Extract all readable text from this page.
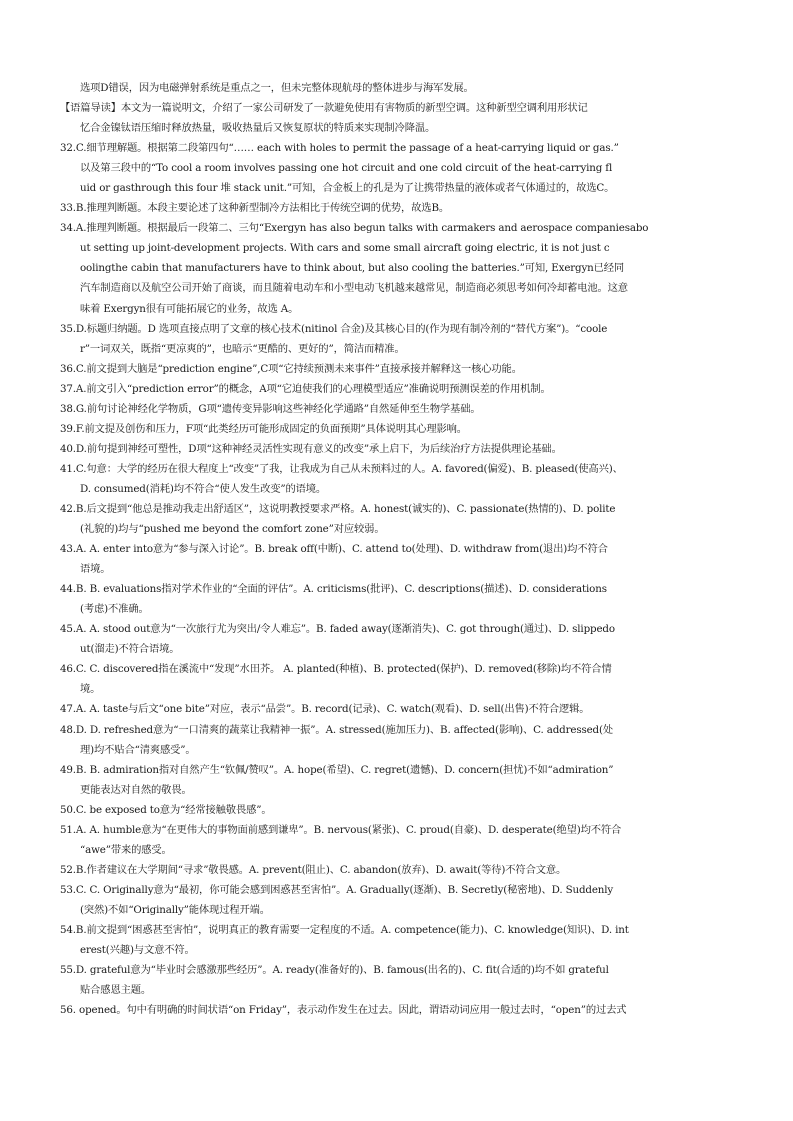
选项D错误，因为电磁弹射系统是重点之一，但未完整体现航母的整体进步与海军发展。
【语篇导读】本文为一篇说明文，介绍了一家公司研发了一款避免使用有害物质的新型空调。这种新型空调利用形状记
忆合金镍钛语压缩时释放热量，吸收热量后又恢复原状的特质来实现制冷降温。
32.C.细节理解题。根据第二段第四句“…… each with holes to permit the passage of a heat-carrying liquid or gas.”
以及第三段中的“To cool a room involves passing one hot circuit and one cold circuit of the heat-carrying fl
uid or gasthrough this four 堆 stack unit.”可知，合金板上的孔是为了让携带热量的液体或者气体通过的，故选C。
33.B.推理判断题。本段主要论述了这种新型制冷方法相比于传统空调的优势，故选B。
34.A.推理判断题。根据最后一段第二、三句“Exergyn has also begun talks with carmakers and aerospace companiesabo
ut setting up joint-development projects. With cars and some small aircraft going electric, it is not just c
oolingthe cabin that manufacturers have to think about, but also cooling the batteries.”可知, Exergyn已经同
汽车制造商以及航空公司开始了商谈，而且随着电动车和小型电动飞机越来越常见，制造商必须思考如何冷却蓄电池。这意
味着 Exergyn很有可能拓展它的业务，故选 A。
35.D.标题归纳题。D 选项直接点明了文章的核心技术(nitinol 合金)及其核心目的(作为现有制冷剂的“替代方案”)。“coole
r”一词双关，既指“更凉爽的”，也暗示“更酷的、更好的”，简洁而精准。
36.C.前文提到大脑是“prediction engine”,C项“它持续预测未来事件”直接承接并解释这一核心功能。
37.A.前文引入“prediction error”的概念，A项“它迫使我们的心理模型适应”准确说明预测误差的作用机制。
38.G.前句讨论神经化学物质，G项“遗传变异影响这些神经化学通路”自然延伸至生物学基础。
39.F.前文提及创伤和压力，F项“此类经历可能形成固定的负面预期”具体说明其心理影响。
40.D.前句提到神经可塑性，D项“这种神经灵活性实现有意义的改变”承上启下，为后续治疗方法提供理论基础。
41.C.句意：大学的经历在很大程度上“改变”了我，让我成为自己从未预料过的人。A. favored(偏爱)、B. pleased(使高兴)、
D. consumed(消耗)均不符合“使人发生改变”的语境。
42.B.后文提到“他总是推动我走出舒适区”，这说明教授要求严格。A. honest(诚实的)、C. passionate(热情的)、D. polite
(礼貌的)均与“pushed me beyond the comfort zone”对应较弱。
43.A. A. enter into意为“参与深入讨论”。B. break off(中断)、C. attend to(处理)、D. withdraw from(退出)均不符合
语境。
44.B. B. evaluations指对学术作业的“全面的评估”。A. criticisms(批评)、C. descriptions(描述)、D. considerations
(考虑)不准确。
45.A. A. stood out意为“一次旅行尤为突出/令人难忘”。B. faded away(逐渐消失)、C. got through(通过)、D. slippedo
ut(溜走)不符合语境。
46.C. C. discovered指在溪流中“发现”水田芥。 A. planted(种植)、B. protected(保护)、D. removed(移除)均不符合情
境。
47.A. A. taste与后文“one bite”对应，表示“品尝”。B. record(记录)、C. watch(观看)、D. sell(出售)不符合逻辑。
48.D. D. refreshed意为“一口清爽的蔬菜让我精神一振”。A. stressed(施加压力)、B. affected(影响)、C. addressed(处
理)均不贴合“清爽感受”。
49.B. B. admiration指对自然产生“钦佩/赞叹”。A. hope(希望)、C. regret(遗憾)、D. concern(担忧)不如“admiration”
更能表达对自然的敬畏。
50.C. be exposed to意为“经常接触敬畏感”。
51.A. A. humble意为“在更伟大的事物面前感到谦卑”。B. nervous(紧张)、C. proud(自豪)、D. desperate(绝望)均不符合
“awe”带来的感受。
52.B.作者建议在大学期间“寻求”敬畏感。A. prevent(阻止)、C. abandon(放弃)、D. await(等待)不符合文意。
53.C. C. Originally意为“最初，你可能会感到困惑甚至害怕”。A. Gradually(逐渐)、B. Secretly(秘密地)、D. Suddenly
(突然)不如“Originally”能体现过程开端。
54.B.前文提到“困惑甚至害怕”，说明真正的教育需要一定程度的不适。A. competence(能力)、C. knowledge(知识)、D. int
erest(兴趣)与文意不符。
55.D. grateful意为“毕业时会感激那些经历”。A. ready(准备好的)、B. famous(出名的)、C. fit(合适的)均不如 grateful
贴合感恩主题。
56. opened。句中有明确的时间状语“on Friday”，表示动作发生在过去。因此，谓语动词应用一般过去时，“open”的过去式
